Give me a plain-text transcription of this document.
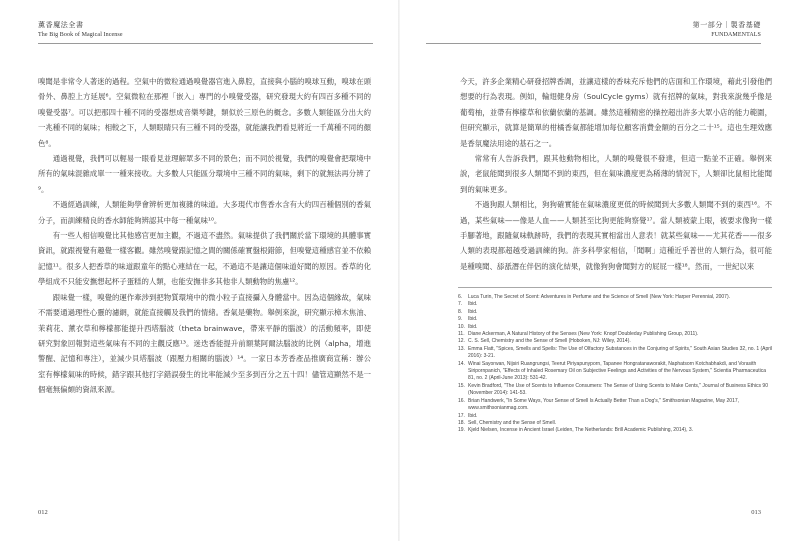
薰香魔法全書
The Big Book of Magical Incense

嗅聞是非常令人著迷的過程。空氣中的微粒通過嗅覺器官進入鼻腔，直接與小腦的嗅球互動，嗅球在頭骨外、鼻腔上方延展⁶。空氣微粒在那裡「嵌入」專門的小嗅覺受器，研究發現大約有四百多種不同的嗅覺受器⁷。可以把那四十種不同的受器想成音樂琴鍵，類似於三原色的概念。多數人類能區分出大約一兆種不同的氣味；相較之下，人類眼睛只有三種不同的受器，就能讓我們看見將近一千萬種不同的顏色⁸。

通過視覺，我們可以輕易一眼看見並理解眾多不同的景色；而不同於視覺，我們的嗅覺會把環境中所有的氣味混雜成單一一種來接收。大多數人只能區分環境中三種不同的氣味，剩下的就無法再分辨了⁹。

不過經過訓練，人類能夠學會辨析更加複雜的味道。大多現代市售香水含有大約四百種個別的香氣分子，而訓練精良的香水師能夠辨認其中每一種氣味¹⁰。

有一些人相信嗅覺比其他感官更加主觀，不過這不盡然。氣味提供了我們關於當下環境的具體事實資訊，就跟視覺有趣覺一樣客觀。雖然嗅覺跟記憶之間的關係確實盤根錯節，但嗅覺這種感官並不依賴記憶¹¹。很多人把香草的味道跟童年的點心連結在一起，不過這不是讓這個味道好聞的原因。香草的化學組成不只能安撫想起杯子蛋糕的人類，也能安撫非多其他非人類動物的焦慮¹²。

跟味覺一樣，嗅覺的運作牽涉到把物質環境中的微小粒子直接攝入身體當中。因為這個緣故，氣味不需要通過理性心靈的濾網，就能直接觸及我們的情緒。香氣是藥物。舉例來說，研究顯示樟木焦油、茉莉花、薰衣草和檸檬都能提升西塔腦波（theta brainwave，帶來平靜的腦波）的活動頻率，即使研究對象回報對這些氣味有不同的主觀反應¹³。迷迭香能提升前額葉阿爾法腦波的比例（alpha，增進警醒、記憶和專注），並減少貝塔腦波（跟壓力相關的腦波）¹⁴。一家日本芳香產品推廣商宣稱：辦公室有檸檬氣味的時候，錯字跟其他打字錯誤發生的比率能減少至多到百分之五十四！儘管這顯然不是一個毫無偏頗的資訊來源。

012
第一部分｜製香基礎
FUNDAMENTALS

今天，許多企業精心研發招牌香調，並讓這樣的香味充斥他們的店面和工作環境，藉此引發他們想要的行為表現。例如，輪翅健身房（SoulCycle gyms）就有招牌的氣味，對我來說幾乎像是葡萄柚，並帶有檸檬草和依蘭依蘭的基調。雖然這種精密的操控超出許多大眾小店的能力範圍，但研究顯示，就算是簡單的柑橘香氣都能增加每位顧客消費金額的百分之二十¹⁵。這也生理效應是香氛魔法用途的基石之一。

常常有人告訴我們，跟其他動物相比，人類的嗅覺很不發達，但這一點並不正確。舉例來說，老鼠能聞到很多人類聞不到的東西，但在氣味濃度更為稀薄的情況下，人類卻比鼠相比能聞到的氣味更多。

不過狗跟人類相比，狗狗確實能在氣味濃度更低的時候聞到大多數人類聞不到的東西¹⁶。不過，某些氣味——像是人血——人類甚至比狗更能夠察覺¹⁷。當人類被蒙上眼，被要求像狗一樣手腳著地，跟隨氣味軌跡時，我們的表現其實相當出人意表！就某些氣味——尤其花香——很多人類的表現都超越受過訓練的狗。許多科學家相信，「聞啊」這種近乎普世的人類行為，很可能是種嗅聞、舔舐潛在伴侶的演化結果，就像狗狗會聞對方的屁屁一樣¹⁸。然而，一世紀以來

6.	Luca Turin, The Secret of Scent: Adventures in Perfume and the Science of Smell (New York: Harper Perennial, 2007).
7.	Ibid.
8.	Ibid.
9.	Ibid.
10. Ibid.
11. Diane Ackerman, A Natural History of the Senses (New York: Knopf Doubleday Publishing Group, 2011).
12. C. S. Sell, Chemistry and the Sense of Smell (Hoboken, NJ: Wiley, 2014).
13. Emma Flatt, "Spices, Smells and Spells: The Use of Olfactory Substances in the Conjuring of Spirits," South Asian Studies 32, no. 1 (April 2016): 3-21.
14. Winai Sayorwan, Nijsiri Ruangrungsi, Teerut Piriyapunyporn, Tapanee Hongratanaworakit, Naphatsorn Kotchabhakdi, and Vorasith Siripornpanich, "Effects of Inhaled Rosemary Oil on Subjective Feelings and Activities of the Nervous System," Scientia Pharmaceutica 81, no. 2 (April-June 2013): 531-42.
15. Kevin Bradford, "The Use of Scents to Influence Consumers: The Sense of Using Scents to Make Cents," Journal of Business Ethics 90 (November 2014): 141-53.
16. Brian Handwerk, "In Some Ways, Your Sense of Smell Is Actually Better Than a Dog's," Smithsonian Magazine, May 2017, www.smithsonianmag.com.
17. Ibid.
18. Sell, Chemistry and the Sense of Smell.
19. Kjeld Nielsen, Incense in Ancient Israel (Leiden, The Netherlands: Brill Academic Publishing, 2014), 3.
013
